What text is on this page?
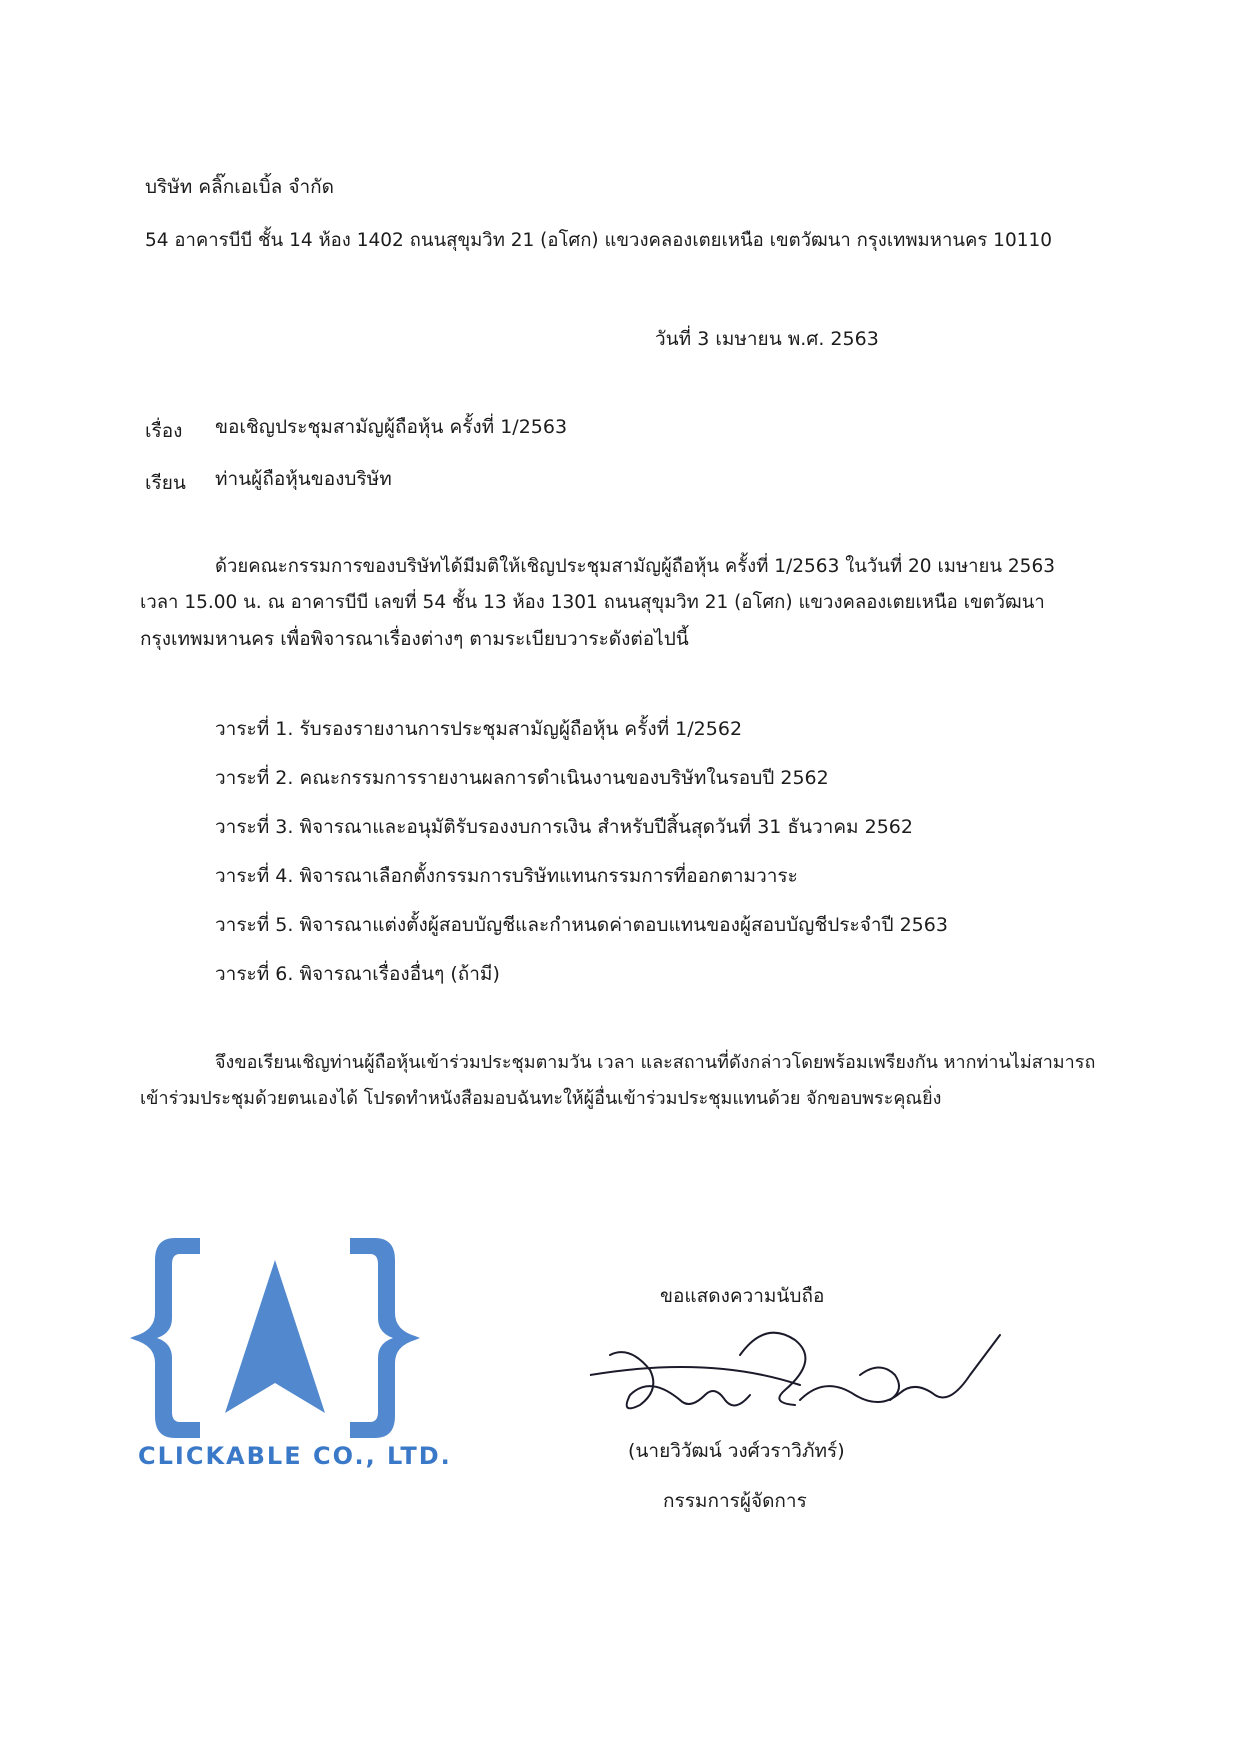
บริษัท คลิ๊กเอเบิ้ล จำกัด
54 อาคารบีบี ชั้น 14 ห้อง 1402 ถนนสุขุมวิท 21 (อโศก) แขวงคลองเตยเหนือ เขตวัฒนา กรุงเทพมหานคร 10110
วันที่ 3 เมษายน พ.ศ. 2563
เรื่อง ขอเชิญประชุมสามัญผู้ถือหุ้น ครั้งที่ 1/2563
เรียน ท่านผู้ถือหุ้นของบริษัท
ด้วยคณะกรรมการของบริษัทได้มีมติให้เชิญประชุมสามัญผู้ถือหุ้น ครั้งที่ 1/2563 ในวันที่ 20 เมษายน 2563
เวลา 15.00 น. ณ อาคารบีบี เลขที่ 54 ชั้น 13 ห้อง 1301 ถนนสุขุมวิท 21 (อโศก) แขวงคลองเตยเหนือ เขตวัฒนา
กรุงเทพมหานคร เพื่อพิจารณาเรื่องต่างๆ ตามระเบียบวาระดังต่อไปนี้
วาระที่ 1. รับรองรายงานการประชุมสามัญผู้ถือหุ้น ครั้งที่ 1/2562
วาระที่ 2. คณะกรรมการรายงานผลการดำเนินงานของบริษัทในรอบปี 2562
วาระที่ 3. พิจารณาและอนุมัติรับรองงบการเงิน สำหรับปีสิ้นสุดวันที่ 31 ธันวาคม 2562
วาระที่ 4. พิจารณาเลือกตั้งกรรมการบริษัทแทนกรรมการที่ออกตามวาระ
วาระที่ 5. พิจารณาแต่งตั้งผู้สอบบัญชีและกำหนดค่าตอบแทนของผู้สอบบัญชีประจำปี 2563
วาระที่ 6. พิจารณาเรื่องอื่นๆ (ถ้ามี)
จึงขอเรียนเชิญท่านผู้ถือหุ้นเข้าร่วมประชุมตามวัน เวลา และสถานที่ดังกล่าวโดยพร้อมเพรียงกัน หากท่านไม่สามารถ
เข้าร่วมประชุมด้วยตนเองได้ โปรดทำหนังสือมอบฉันทะให้ผู้อื่นเข้าร่วมประชุมแทนด้วย จักขอบพระคุณยิ่ง
CLICKABLE CO., LTD.
ขอแสดงความนับถือ
(นายวิวัฒน์ วงศ์วราวิภัทร์)
กรรมการผู้จัดการ
